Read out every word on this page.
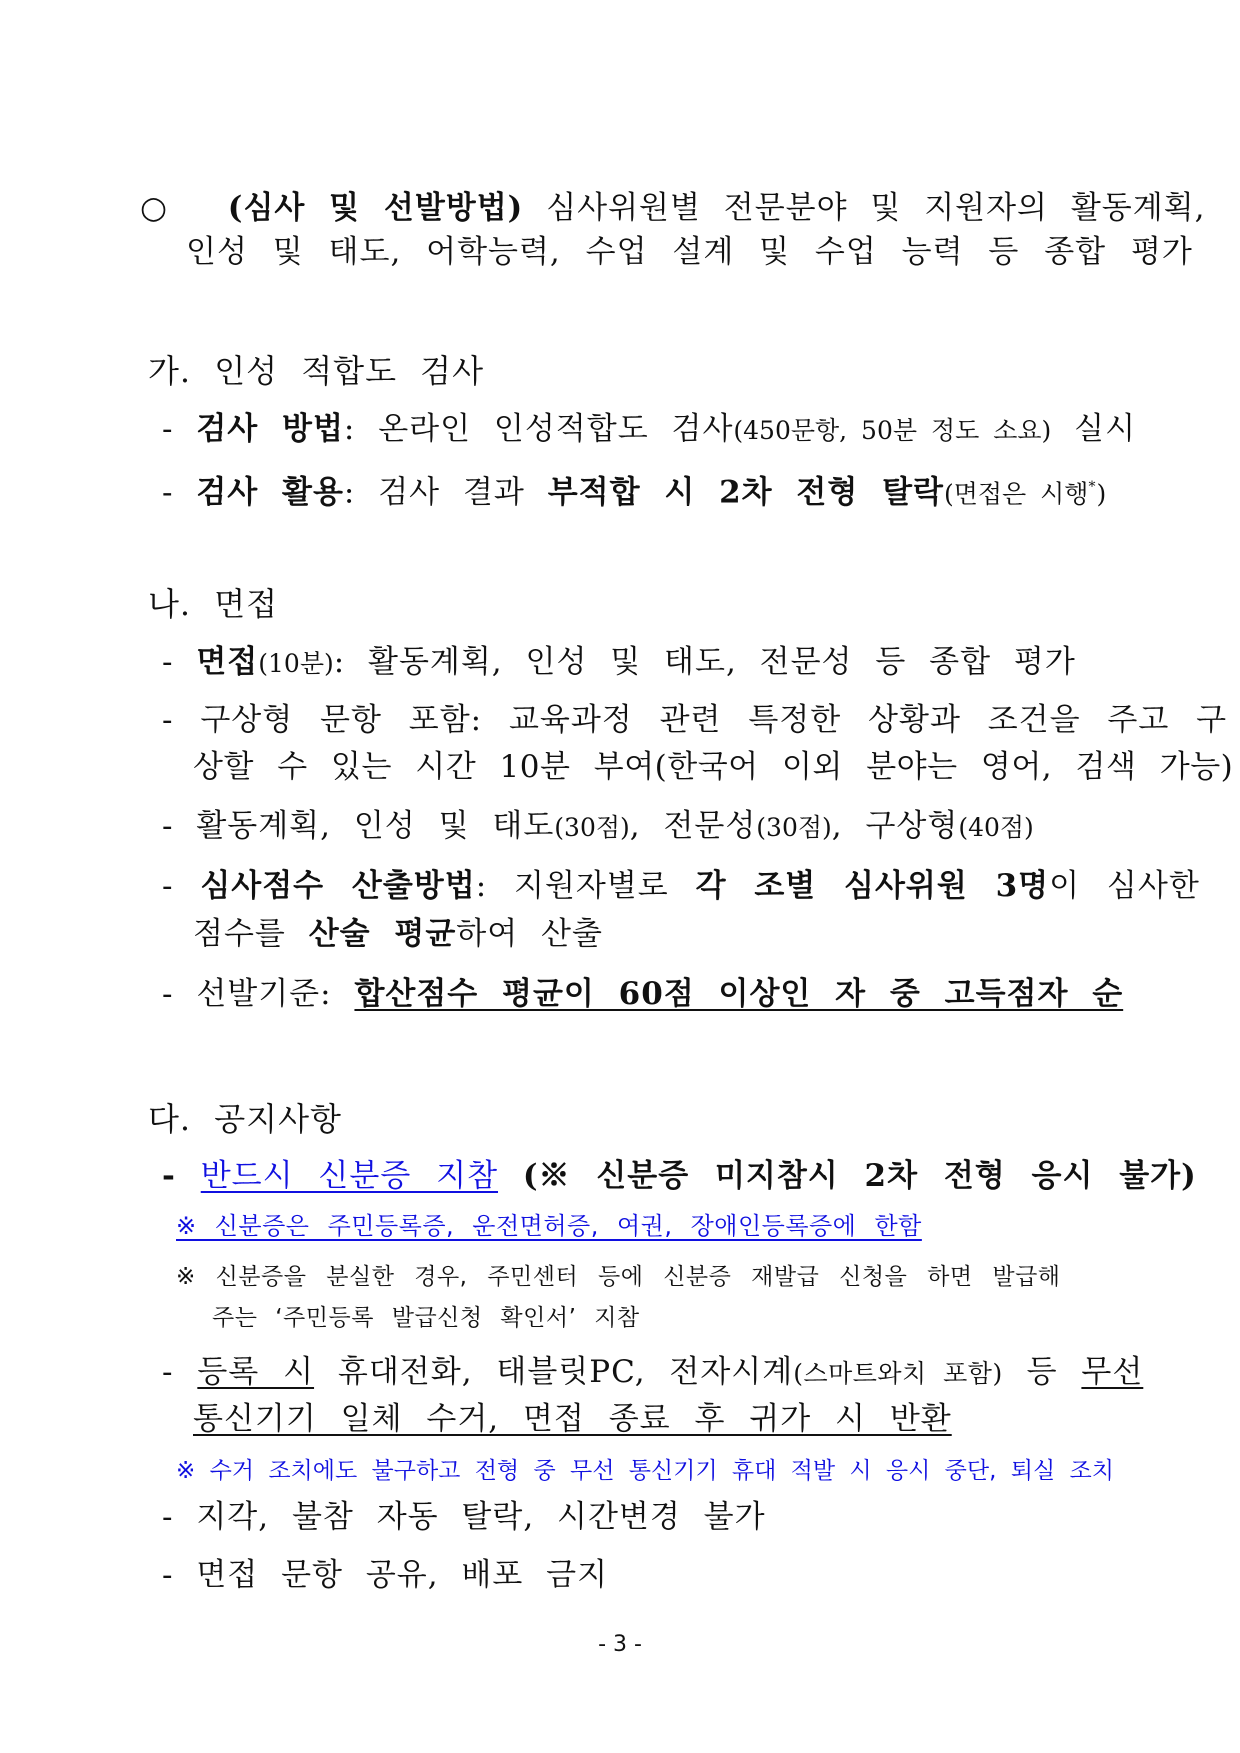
○ (심사 및 선발방법) 심사위원별 전문분야 및 지원자의 활동계획,
인성 및 태도, 어학능력, 수업 설계 및 수업 능력 등 종합 평가
가. 인성 적합도 검사
- 검사 방법: 온라인 인성적합도 검사(450문항, 50분 정도 소요) 실시
- 검사 활용: 검사 결과 부적합 시 2차 전형 탈락(면접은 시행*)
나. 면접
- 면접(10분): 활동계획, 인성 및 태도, 전문성 등 종합 평가
- 구상형 문항 포함: 교육과정 관련 특정한 상황과 조건을 주고 구
상할 수 있는 시간 10분 부여(한국어 이외 분야는 영어, 검색 가능)
- 활동계획, 인성 및 태도(30점), 전문성(30점), 구상형(40점)
- 심사점수 산출방법: 지원자별로 각 조별 심사위원 3명이 심사한
점수를 산술 평균하여 산출
- 선발기준: 합산점수 평균이 60점 이상인 자 중 고득점자 순
다. 공지사항
- 반드시 신분증 지참 (※ 신분증 미지참시 2차 전형 응시 불가)
※ 신분증은 주민등록증, 운전면허증, 여권, 장애인등록증에 한함
※ 신분증을 분실한 경우, 주민센터 등에 신분증 재발급 신청을 하면 발급해
주는 ‘주민등록 발급신청 확인서’ 지참
- 등록 시 휴대전화, 태블릿PC, 전자시계(스마트와치 포함) 등 무선
통신기기 일체 수거, 면접 종료 후 귀가 시 반환
※ 수거 조치에도 불구하고 전형 중 무선 통신기기 휴대 적발 시 응시 중단, 퇴실 조치
- 지각, 불참 자동 탈락, 시간변경 불가
- 면접 문항 공유, 배포 금지
- 3 -
